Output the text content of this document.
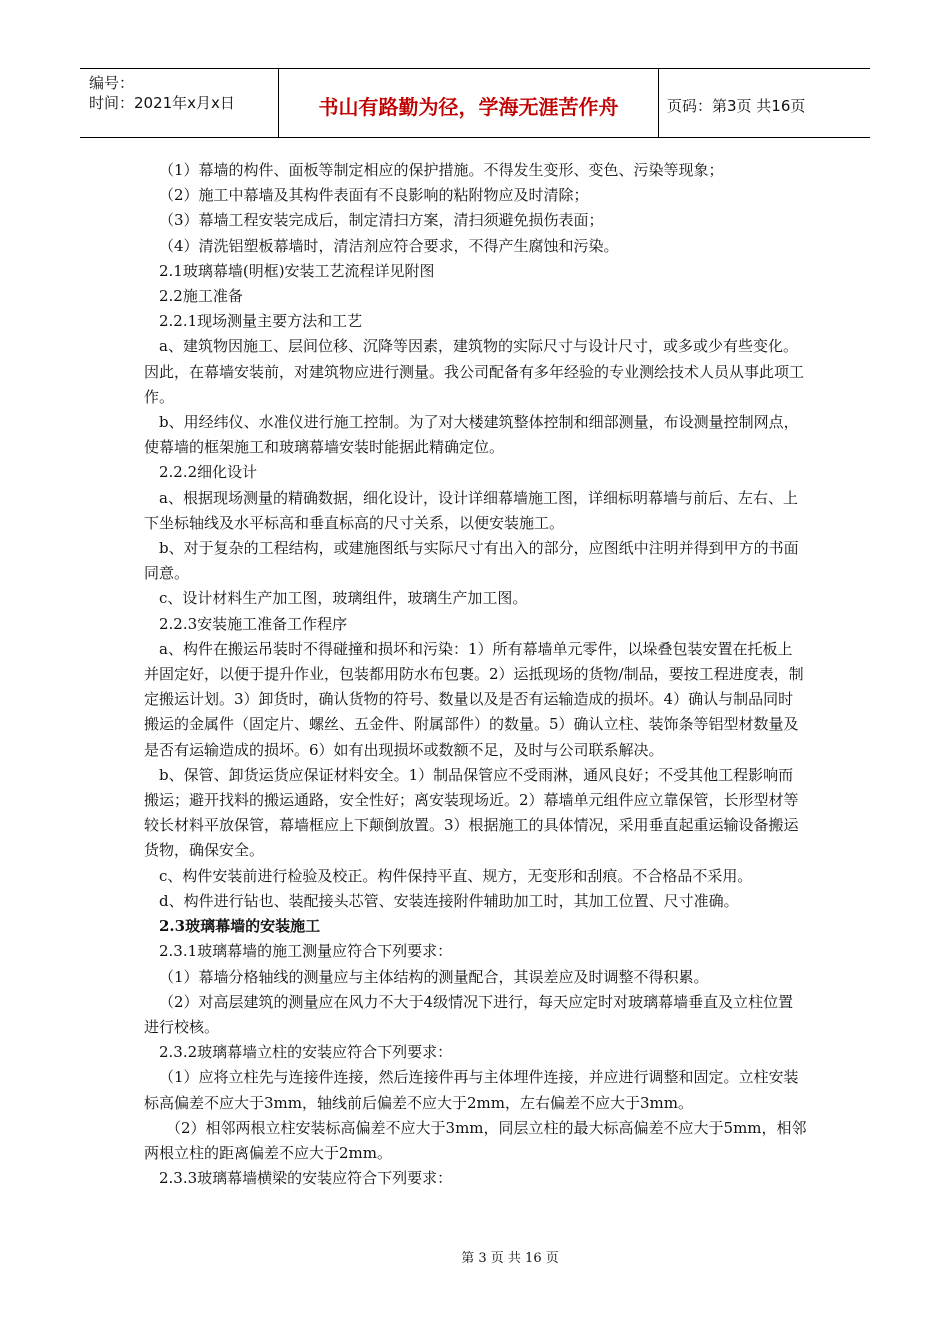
编号：
时间：2021年x月x日	书山有路勤为径，学海无涯苦作舟	页码：第3页 共16页

（1）幕墙的构件、面板等制定相应的保护措施。不得发生变形、变色、污染等现象；

（2）施工中幕墙及其构件表面有不良影响的粘附物应及时清除；

（3）幕墙工程安装完成后，制定清扫方案，清扫须避免损伤表面；

（4）清洗铝塑板幕墙时，清洁剂应符合要求，不得产生腐蚀和污染。

2.1玻璃幕墙(明框)安装工艺流程详见附图

2.2施工准备

2.2.1现场测量主要方法和工艺

a、建筑物因施工、层间位移、沉降等因素，建筑物的实际尺寸与设计尺寸，或多或少有些变化。因此，在幕墙安装前，对建筑物应进行测量。我公司配备有多年经验的专业测绘技术人员从事此项工作。

b、用经纬仪、水准仪进行施工控制。为了对大楼建筑整体控制和细部测量，布设测量控制网点，使幕墙的框架施工和玻璃幕墙安装时能据此精确定位。

2.2.2细化设计

a、根据现场测量的精确数据，细化设计，设计详细幕墙施工图，详细标明幕墙与前后、左右、上下坐标轴线及水平标高和垂直标高的尺寸关系，以便安装施工。

b、对于复杂的工程结构，或建施图纸与实际尺寸有出入的部分，应图纸中注明并得到甲方的书面同意。

c、设计材料生产加工图，玻璃组件，玻璃生产加工图。

2.2.3安装施工准备工作程序

a、构件在搬运吊装时不得碰撞和损坏和污染：1）所有幕墙单元零件，以垛叠包装安置在托板上并固定好，以便于提升作业，包装都用防水布包裹。2）运抵现场的货物/制品，要按工程进度表，制定搬运计划。3）卸货时，确认货物的符号、数量以及是否有运输造成的损坏。4）确认与制品同时搬运的金属件（固定片、螺丝、五金件、附属部件）的数量。5）确认立柱、装饰条等铝型材数量及是否有运输造成的损坏。6）如有出现损坏或数额不足，及时与公司联系解决。

b、保管、卸货运货应保证材料安全。1）制品保管应不受雨淋，通风良好；不受其他工程影响而搬运；避开找料的搬运通路，安全性好；离安装现场近。2）幕墙单元组件应立靠保管，长形型材等较长材料平放保管，幕墙框应上下颠倒放置。3）根据施工的具体情况，采用垂直起重运输设备搬运货物，确保安全。

c、构件安装前进行检验及校正。构件保持平直、规方，无变形和刮痕。不合格品不采用。

d、构件进行钻也、装配接头芯管、安装连接附件辅助加工时，其加工位置、尺寸准确。

2.3玻璃幕墙的安装施工

2.3.1玻璃幕墙的施工测量应符合下列要求：

（1）幕墙分格轴线的测量应与主体结构的测量配合，其误差应及时调整不得积累。

（2）对高层建筑的测量应在风力不大于4级情况下进行，每天应定时对玻璃幕墙垂直及立柱位置进行校核。

2.3.2玻璃幕墙立柱的安装应符合下列要求：

（1）应将立柱先与连接件连接，然后连接件再与主体埋件连接，并应进行调整和固定。立柱安装标高偏差不应大于3mm，轴线前后偏差不应大于2mm，左右偏差不应大于3mm。

（2）相邻两根立柱安装标高偏差不应大于3mm，同层立柱的最大标高偏差不应大于5mm，相邻两根立柱的距离偏差不应大于2mm。

2.3.3玻璃幕墙横梁的安装应符合下列要求：

第 3 页 共 16 页
